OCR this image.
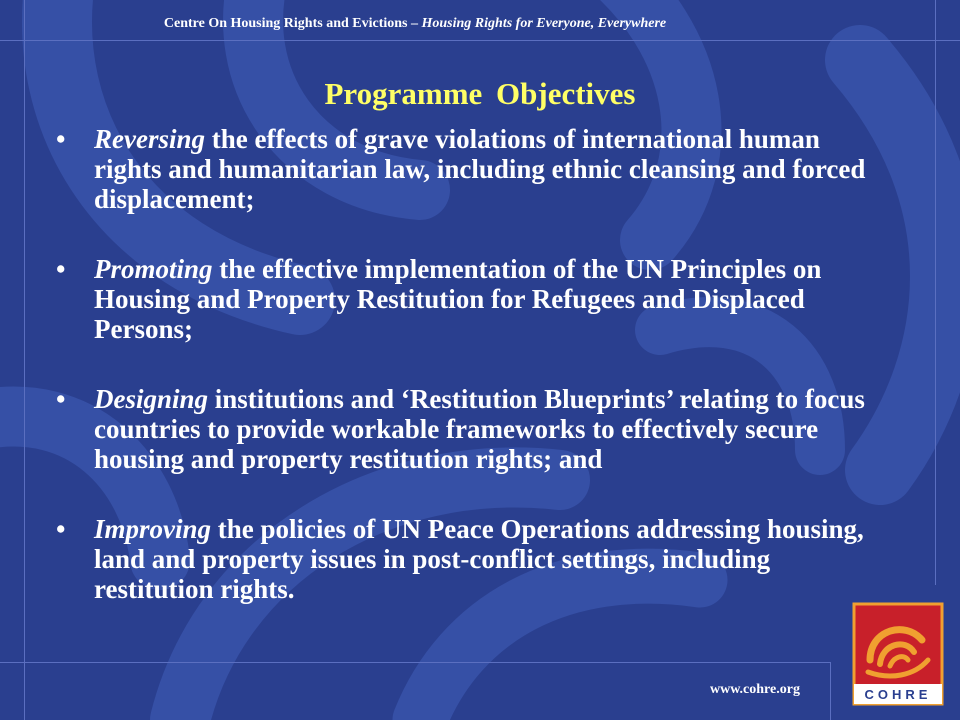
Centre On Housing Rights and Evictions – Housing Rights for Everyone, Everywhere
Programme Objectives
• Reversing the effects of grave violations of international human rights and humanitarian law, including ethnic cleansing and forced displacement;
• Promoting the effective implementation of the UN Principles on Housing and Property Restitution for Refugees and Displaced Persons;
• Designing institutions and ‘Restitution Blueprints’ relating to focus countries to provide workable frameworks to effectively secure housing and property restitution rights; and
• Improving the policies of UN Peace Operations addressing housing, land and property issues in post-conflict settings, including restitution rights.
www.cohre.org	COHRE
